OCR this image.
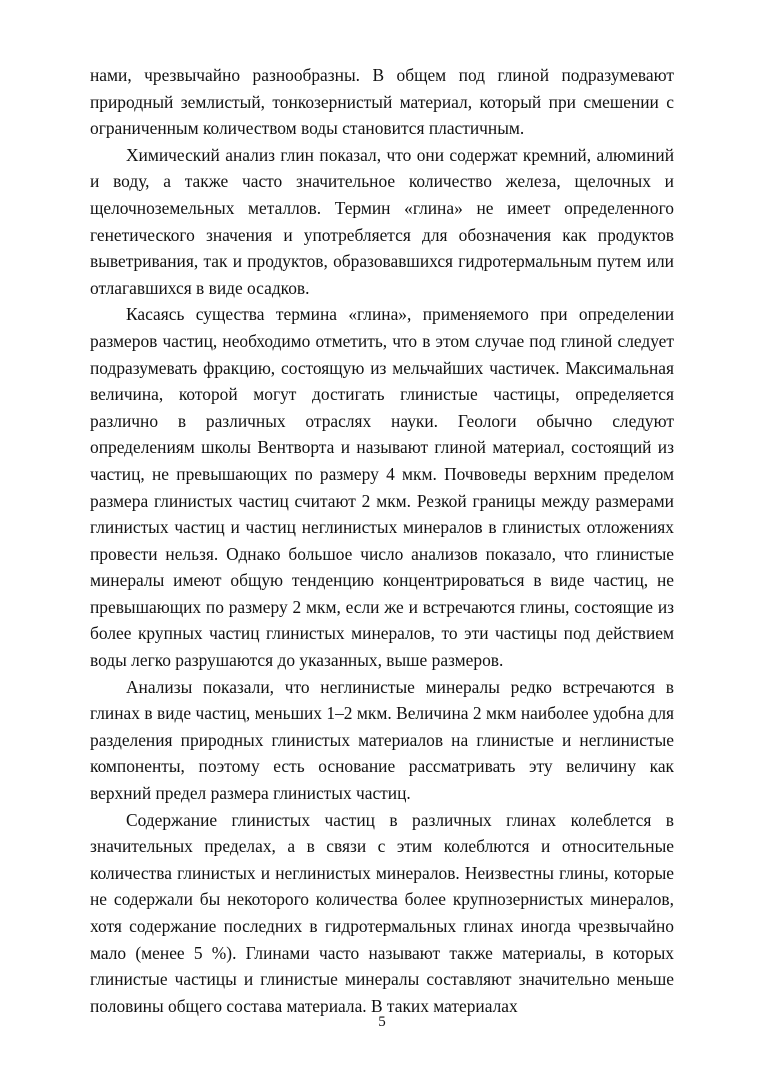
нами, чрезвычайно разнообразны. В общем под глиной подразумевают природный землистый, тонкозернистый материал, который при смешении с ограниченным количеством воды становится пластичным.

Химический анализ глин показал, что они содержат кремний, алюминий и воду, а также часто значительное количество железа, щелочных и щелочноземельных металлов. Термин «глина» не имеет определенного генетического значения и употребляется для обозначения как продуктов выветривания, так и продуктов, образовавшихся гидротермальным путем или отлагавшихся в виде осадков.

Касаясь существа термина «глина», применяемого при определении размеров частиц, необходимо отметить, что в этом случае под глиной следует подразумевать фракцию, состоящую из мельчайших частичек. Максимальная величина, которой могут достигать глинистые частицы, определяется различно в различных отраслях науки. Геологи обычно следуют определениям школы Вентворта и называют глиной материал, состоящий из частиц, не превышающих по размеру 4 мкм. Почвоведы верхним пределом размера глинистых частиц считают 2 мкм. Резкой границы между размерами глинистых частиц и частиц неглинистых минералов в глинистых отложениях провести нельзя. Однако большое число анализов показало, что глинистые минералы имеют общую тенденцию концентрироваться в виде частиц, не превышающих по размеру 2 мкм, если же и встречаются глины, состоящие из более крупных частиц глинистых минералов, то эти частицы под действием воды легко разрушаются до указанных, выше размеров.

Анализы показали, что неглинистые минералы редко встречаются в глинах в виде частиц, меньших 1–2 мкм. Величина 2 мкм наиболее удобна для разделения природных глинистых материалов на глинистые и неглинистые компоненты, поэтому есть основание рассматривать эту величину как верхний предел размера глинистых частиц.

Содержание глинистых частиц в различных глинах колеблется в значительных пределах, а в связи с этим колеблются и относительные количества глинистых и неглинистых минералов. Неизвестны глины, которые не содержали бы некоторого количества более крупнозернистых минералов, хотя содержание последних в гидротермальных глинах иногда чрезвычайно мало (менее 5 %). Глинами часто называют также материалы, в которых глинистые частицы и глинистые минералы составляют значительно меньше половины общего состава материала. В таких материалах

5
